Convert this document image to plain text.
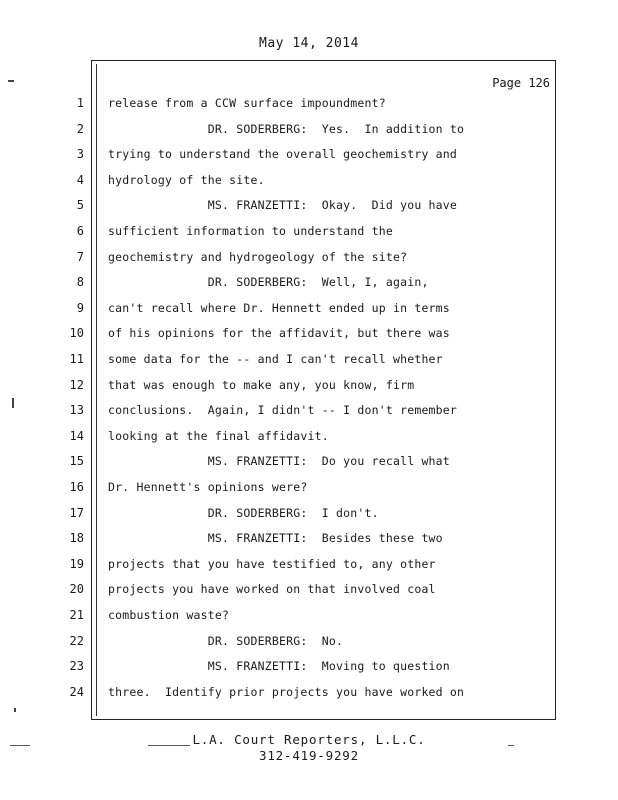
May 14, 2014
Page 126
1 release from a CCW surface impoundment?
2 DR. SODERBERG:  Yes.  In addition to
3 trying to understand the overall geochemistry and
4 hydrology of the site.
5 MS. FRANZETTI:  Okay.  Did you have
6 sufficient information to understand the
7 geochemistry and hydrogeology of the site?
8 DR. SODERBERG:  Well, I, again,
9 can't recall where Dr. Hennett ended up in terms
10 of his opinions for the affidavit, but there was
11 some data for the -- and I can't recall whether
12 that was enough to make any, you know, firm
13 conclusions.  Again, I didn't -- I don't remember
14 looking at the final affidavit.
15 MS. FRANZETTI:  Do you recall what
16 Dr. Hennett's opinions were?
17 DR. SODERBERG:  I don't.
18 MS. FRANZETTI:  Besides these two
19 projects that you have testified to, any other
20 projects you have worked on that involved coal
21 combustion waste?
22 DR. SODERBERG:  No.
23 MS. FRANZETTI:  Moving to question
24 three.  Identify prior projects you have worked on
L.A. Court Reporters, L.L.C.
312-419-9292
